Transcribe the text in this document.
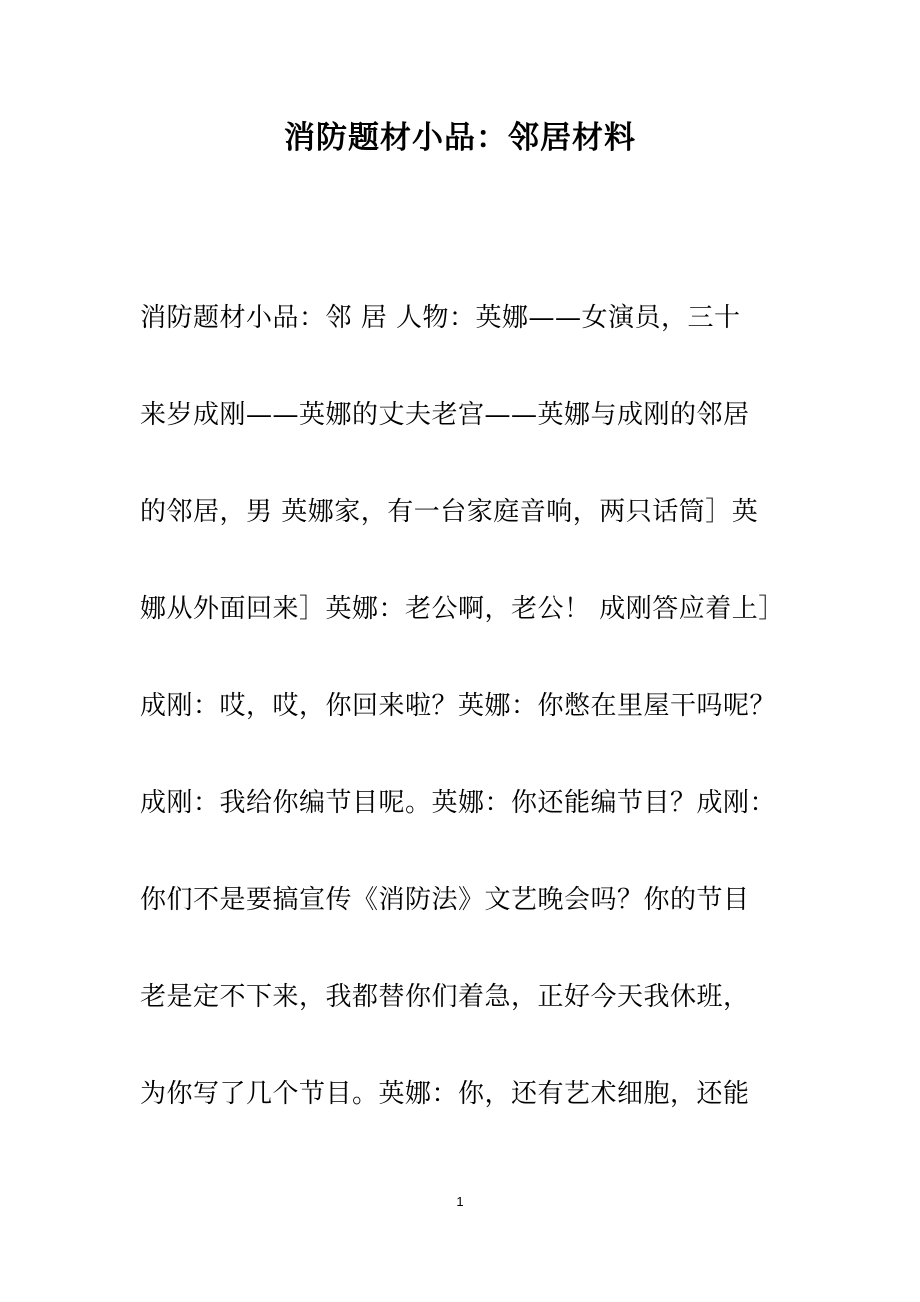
消防题材小品：邻居材料
消防题材小品：邻 居 人物：英娜——女演员，三十
来岁成刚——英娜的丈夫老宫——英娜与成刚的邻居
的邻居，男 英娜家，有一台家庭音响，两只话筒］英
娜从外面回来］英娜：老公啊，老公！ 成刚答应着上］
成刚：哎，哎，你回来啦？英娜：你憋在里屋干吗呢？
成刚：我给你编节目呢。英娜：你还能编节目？成刚：
你们不是要搞宣传《消防法》文艺晚会吗？你的节目
老是定不下来，我都替你们着急，正好今天我休班，
为你写了几个节目。英娜：你，还有艺术细胞，还能
1
